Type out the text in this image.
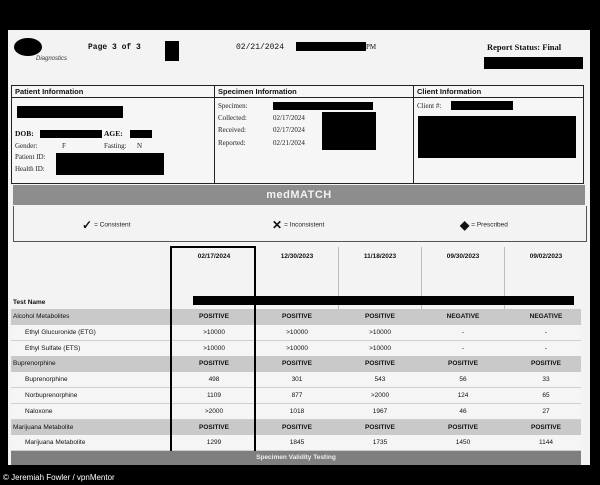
Diagnostics
Page 3 of 3	02/21/2024	PM	Report Status: Final
Patient Information
DOB:	AGE:
Gender:	F	Fasting: N
Patient ID:
Health ID:
Specimen Information
Specimen:
Collected:	02/17/2024
Received:	02/17/2024
Reported:	02/21/2024
Client Information
Client #:
medMATCH
✓ = Consistent	✕ = Inconsistent	◆ = Prescribed
02/17/2024	12/30/2023	11/18/2023	09/30/2023	09/02/2023
Test Name
Alcohol Metabolites	POSITIVE	POSITIVE	POSITIVE	NEGATIVE	NEGATIVE
Ethyl Glucuronide (ETG)	>10000	>10000	>10000	-	-
Ethyl Sulfate (ETS)	>10000	>10000	>10000	-	-
Buprenorphine	POSITIVE	POSITIVE	POSITIVE	POSITIVE	POSITIVE
Buprenorphine	498	301	543	56	33
Norbuprenorphine	1109	877	>2000	124	65
Naloxone	>2000	1018	1967	46	27
Marijuana Metabolite	POSITIVE	POSITIVE	POSITIVE	POSITIVE	POSITIVE
Marijuana Metabolite	1299	1845	1735	1450	1144
Specimen Validity Testing
© Jeremiah Fowler / vpnMentor
